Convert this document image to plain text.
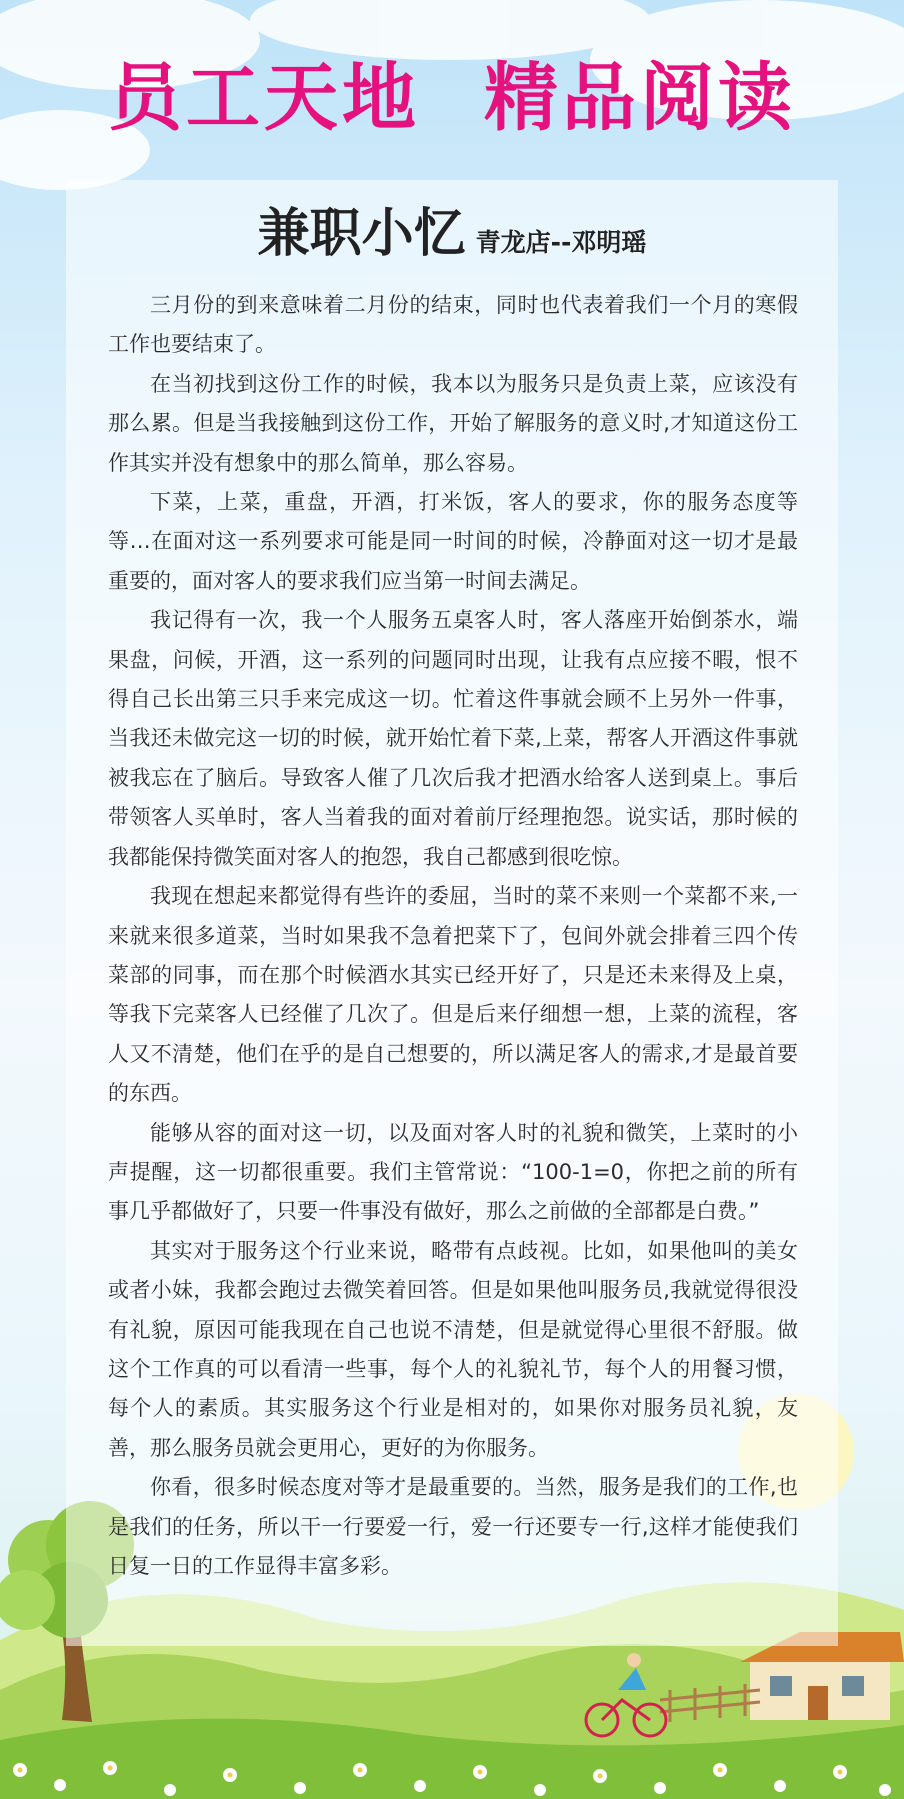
员工天地 精品阅读
兼职小忆 青龙店--邓明瑶

三月份的到来意味着二月份的结束，同时也代表着我们一个月的寒假工作也要结束了。

在当初找到这份工作的时候，我本以为服务只是负责上菜，应该没有那么累。但是当我接触到这份工作，开始了解服务的意义时,才知道这份工作其实并没有想象中的那么简单，那么容易。

下菜，上菜，重盘，开酒，打米饭，客人的要求，你的服务态度等等…在面对这一系列要求可能是同一时间的时候，冷静面对这一切才是最重要的，面对客人的要求我们应当第一时间去满足。

我记得有一次，我一个人服务五桌客人时，客人落座开始倒茶水，端果盘，问候，开酒，这一系列的问题同时出现，让我有点应接不暇，恨不得自己长出第三只手来完成这一切。忙着这件事就会顾不上另外一件事，当我还未做完这一切的时候，就开始忙着下菜,上菜，帮客人开酒这件事就被我忘在了脑后。导致客人催了几次后我才把酒水给客人送到桌上。事后带领客人买单时，客人当着我的面对着前厅经理抱怨。说实话，那时候的我都能保持微笑面对客人的抱怨，我自己都感到很吃惊。

我现在想起来都觉得有些许的委屈，当时的菜不来则一个菜都不来,一来就来很多道菜，当时如果我不急着把菜下了，包间外就会排着三四个传菜部的同事，而在那个时候酒水其实已经开好了，只是还未来得及上桌，等我下完菜客人已经催了几次了。但是后来仔细想一想，上菜的流程，客人又不清楚，他们在乎的是自己想要的，所以满足客人的需求,才是最首要的东西。

能够从容的面对这一切，以及面对客人时的礼貌和微笑，上菜时的小声提醒，这一切都很重要。我们主管常说：“100-1=0，你把之前的所有事几乎都做好了，只要一件事没有做好，那么之前做的全部都是白费。”

其实对于服务这个行业来说，略带有点歧视。比如，如果他叫的美女或者小妹，我都会跑过去微笑着回答。但是如果他叫服务员,我就觉得很没有礼貌，原因可能我现在自己也说不清楚，但是就觉得心里很不舒服。做这个工作真的可以看清一些事，每个人的礼貌礼节，每个人的用餐习惯，每个人的素质。其实服务这个行业是相对的，如果你对服务员礼貌，友善，那么服务员就会更用心，更好的为你服务。

你看，很多时候态度对等才是最重要的。当然，服务是我们的工作,也是我们的任务，所以干一行要爱一行，爱一行还要专一行,这样才能使我们日复一日的工作显得丰富多彩。
